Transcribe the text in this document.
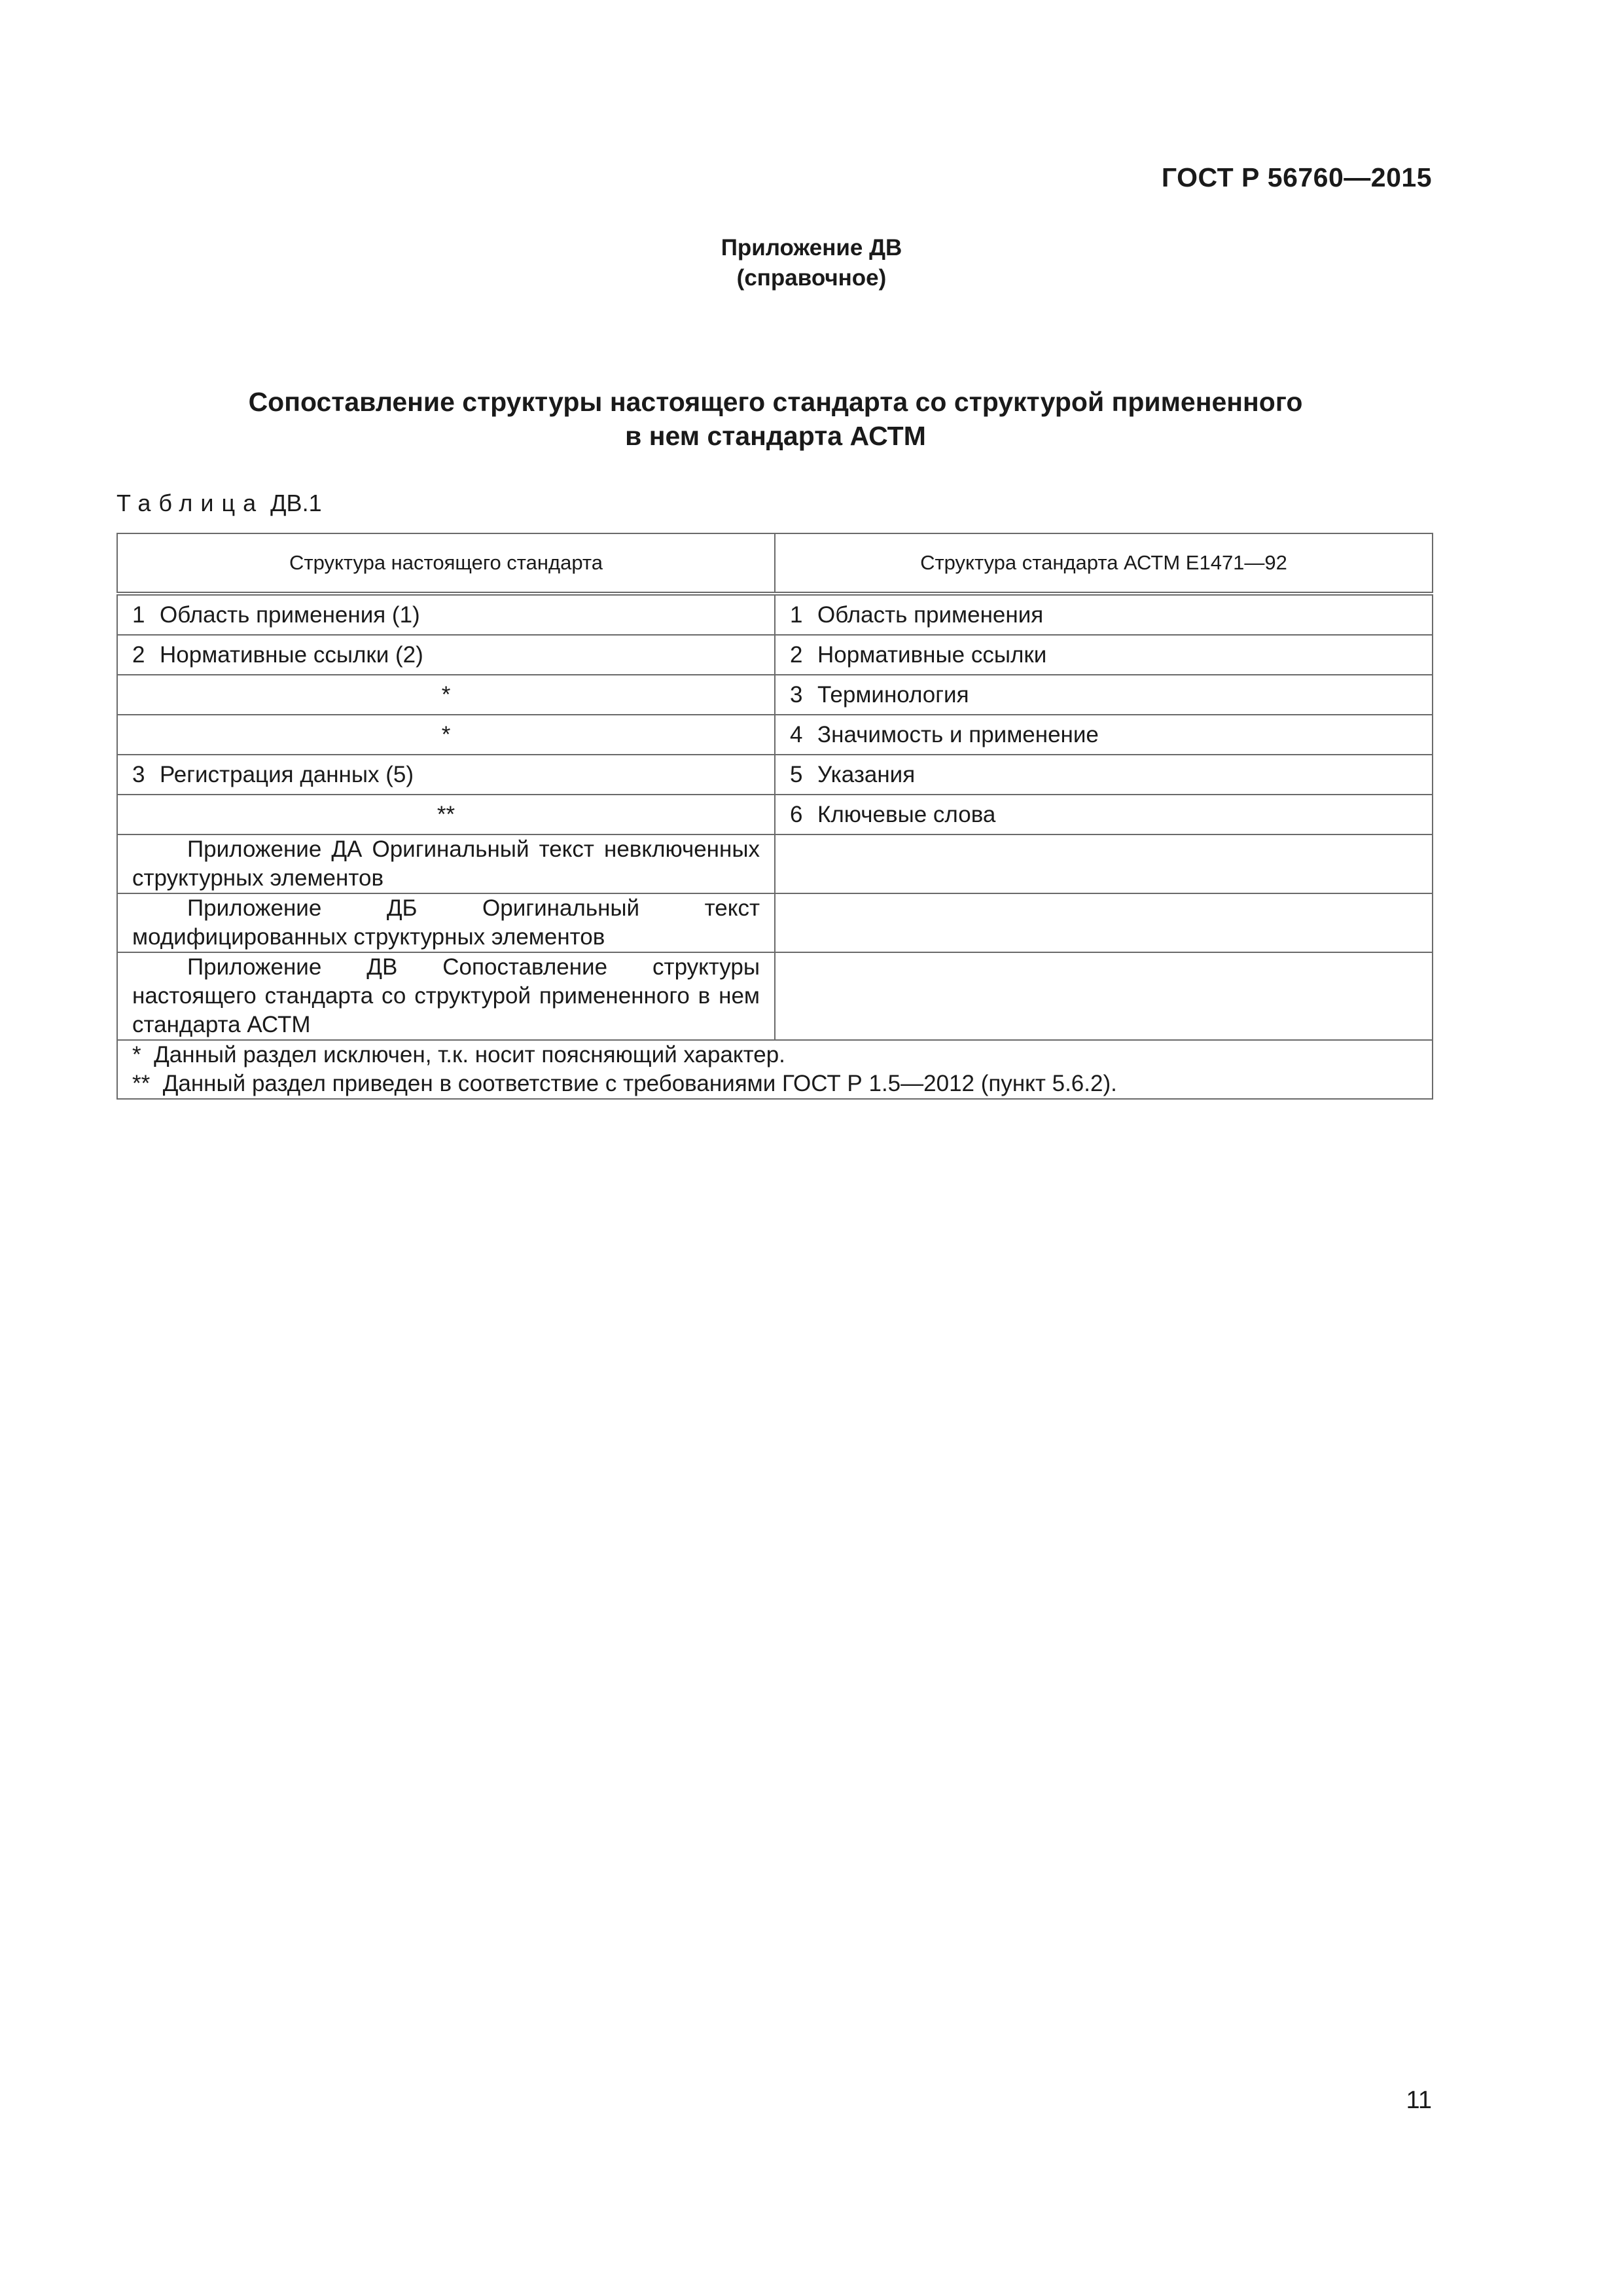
ГОСТ Р 56760—2015
Приложение ДВ
(справочное)
Сопоставление структуры настоящего стандарта со структурой примененного
в нем стандарта АСТМ
Таблица ДВ.1
Структура настоящего стандарта	Структура стандарта АСТМ Е1471—92
1 Область применения (1)	1 Область применения
2 Нормативные ссылки (2)	2 Нормативные ссылки
*	3 Терминология
*	4 Значимость и применение
3 Регистрация данных (5)	5 Указания
**	6 Ключевые слова
Приложение ДА Оригинальный текст невключенных структурных элементов	
Приложение ДБ Оригинальный текст модифицированных структурных элементов	
Приложение ДВ Сопоставление структуры настоящего стандарта со структурой примененного в нем стандарта АСТМ	

*  Данный раздел исключен, т.к. носит поясняющий характер.
**  Данный раздел приведен в соответствие с требованиями ГОСТ Р 1.5—2012 (пункт 5.6.2).	
11
